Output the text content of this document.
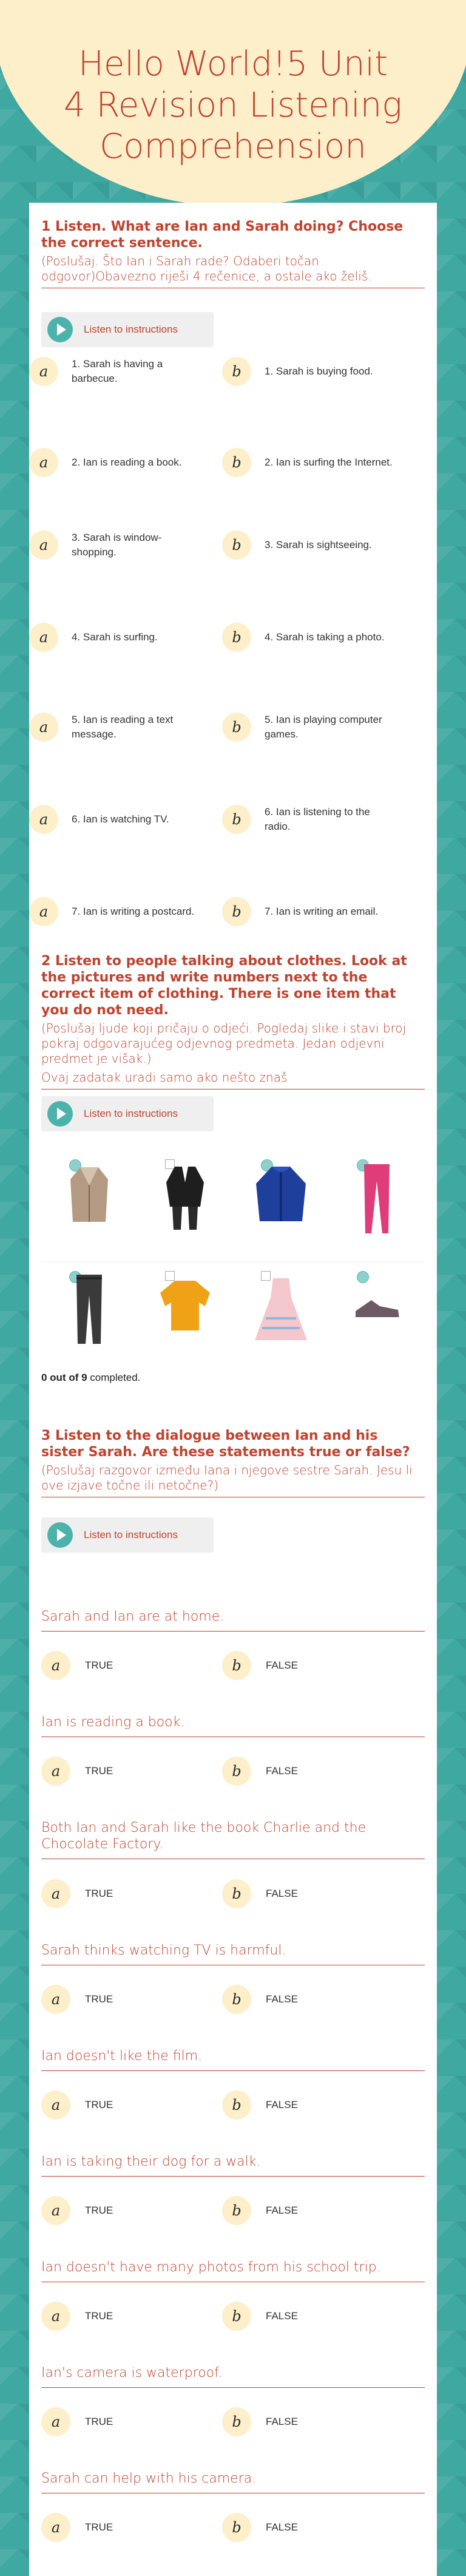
Hello World!5 Unit
4 Revision Listening
Comprehension
1 Listen. What are Ian and Sarah doing? Choose the correct sentence.
(Poslušaj. Što Ian i Sarah rade? Odaberi točan odgovor)Obavezno riješi 4 rečenice, a ostale ako želiš.
Listen to instructions
a	1. Sarah is having a barbecue.	b	1. Sarah is buying food.
a	2. Ian is reading a book.	b	2. Ian is surfing the Internet.
a	3. Sarah is window-shopping.	b	3. Sarah is sightseeing.
a	4. Sarah is surfing.	b	4. Sarah is taking a photo.
a	5. Ian is reading a text message.	b	5. Ian is playing computer games.
a	6. Ian is watching TV.	b	6. Ian is listening to the radio.
a	7. Ian is writing a postcard.	b	7. Ian is writing an email.
2 Listen to people talking about clothes. Look at the pictures and write numbers next to the correct item of clothing. There is one item that you do not need.
(Poslušaj ljude koji pričaju o odjeći. Pogledaj slike i stavi broj pokraj odgovarajućeg odjevnog predmeta. Jedan odjevni predmet je višak.)
Ovaj zadatak uradi samo ako nešto znaš
Listen to instructions
0 out of 9 completed.
3 Listen to the dialogue between Ian and his sister Sarah. Are these statements true or false?
(Poslušaj razgovor između Iana i njegove sestre Sarah. Jesu li ove izjave točne ili netočne?)
Listen to instructions
Sarah and Ian are at home.
a	TRUE	b	FALSE
Ian is reading a book.
a	TRUE	b	FALSE
Both Ian and Sarah like the book Charlie and the Chocolate Factory.
a	TRUE	b	FALSE
Sarah thinks watching TV is harmful.
a	TRUE	b	FALSE
Ian doesn't like the film.
a	TRUE	b	FALSE
Ian is taking their dog for a walk.
a	TRUE	b	FALSE
Ian doesn't have many photos from his school trip.
a	TRUE	b	FALSE
Ian's camera is waterproof.
a	TRUE	b	FALSE
Sarah can help with his camera.
a	TRUE	b	FALSE
